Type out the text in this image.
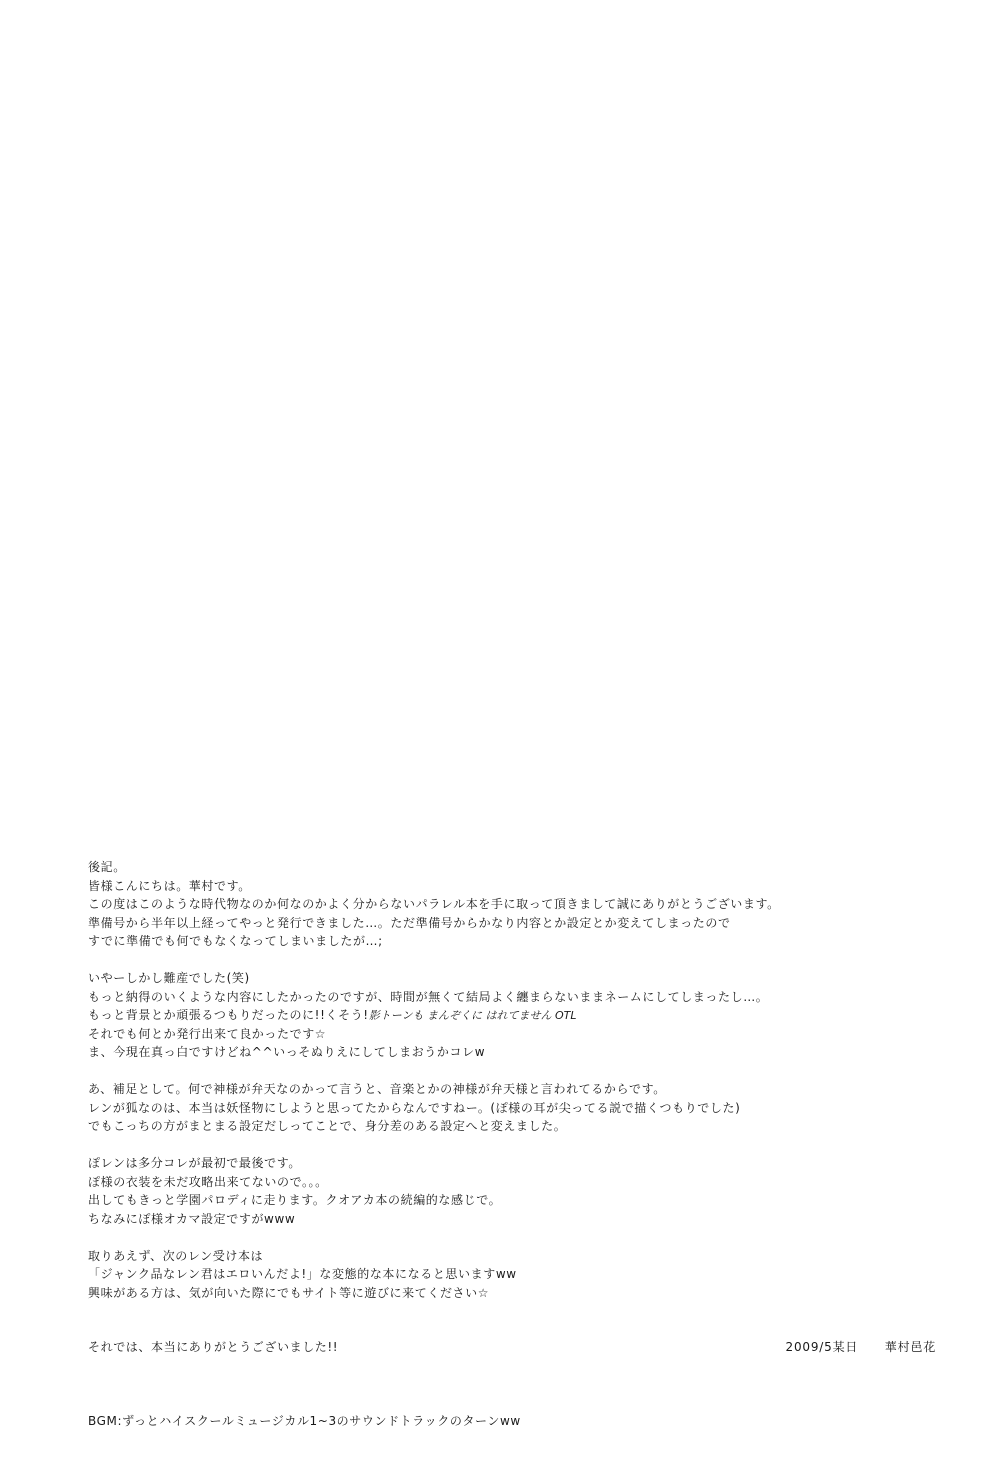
後記。
皆様こんにちは。華村です。
この度はこのような時代物なのか何なのかよく分からないパラレル本を手に取って頂きまして誠にありがとうございます。
準備号から半年以上経ってやっと発行できました…。ただ準備号からかなり内容とか設定とか変えてしまったので
すでに準備でも何でもなくなってしまいましたが…;
いやーしかし難産でした(笑)
もっと納得のいくような内容にしたかったのですが、時間が無くて結局よく纏まらないままネームにしてしまったし…。
もっと背景とか頑張るつもりだったのに!!くそう!影トーンも まんぞくに はれてません OTL
それでも何とか発行出来て良かったです☆
ま、今現在真っ白ですけどね^^いっそぬりえにしてしまおうかコレw
あ、補足として。何で神様が弁天なのかって言うと、音楽とかの神様が弁天様と言われてるからです。
レンが狐なのは、本当は妖怪物にしようと思ってたからなんですねー。(ぽ様の耳が尖ってる説で描くつもりでした)
でもこっちの方がまとまる設定だしってことで、身分差のある設定へと変えました。
ぽレンは多分コレが最初で最後です。
ぽ様の衣装を未だ攻略出来てないので。。。
出してもきっと学園パロディに走ります。クオアカ本の続編的な感じで。
ちなみにぽ様オカマ設定ですがwww
取りあえず、次のレン受け本は
「ジャンク品なレン君はエロいんだよ!」な変態的な本になると思いますww
興味がある方は、気が向いた際にでもサイト等に遊びに来てください☆
それでは、本当にありがとうございました!!	2009/5某日 華村邑花
BGM:ずっとハイスクールミュージカル1~3のサウンドトラックのターンww
